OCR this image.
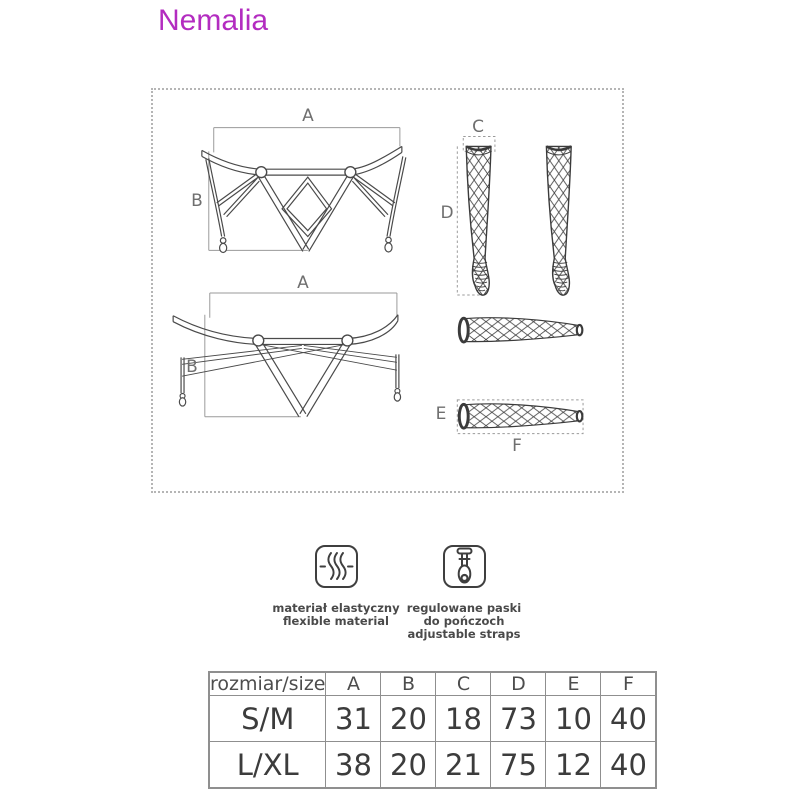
Nemalia
A
B
A
B
C
D
E
F
materiał elastyczny
flexible material
regulowane paski
do pończoch
adjustable straps
rozmiar/size	A	B	C	D	E	F
S/M	31	20	18	73	10	40
L/XL	38	20	21	75	12	40
